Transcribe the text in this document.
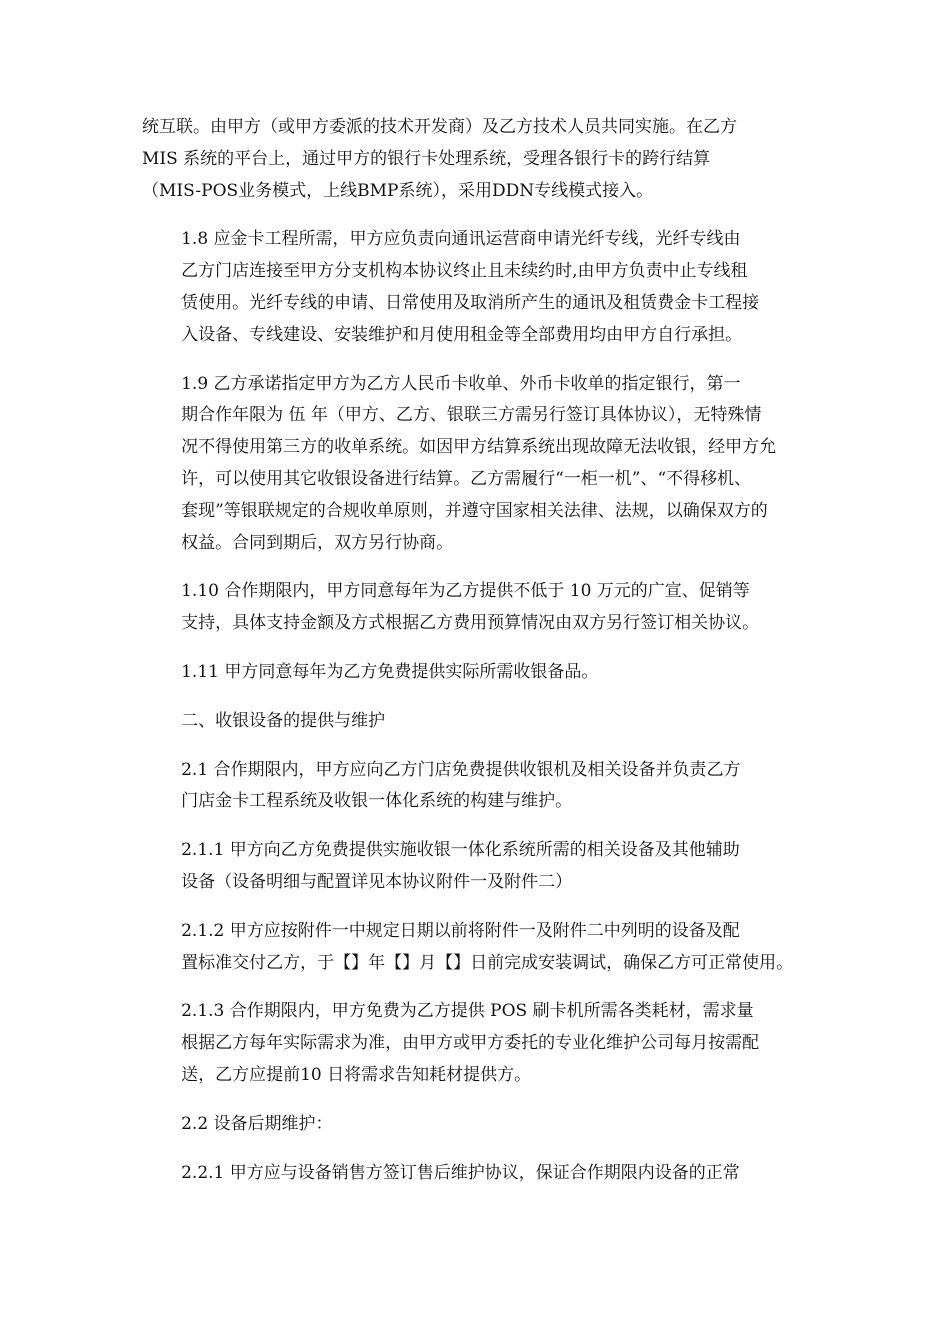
统互联。由甲方（或甲方委派的技术开发商）及乙方技术人员共同实施。在乙方
MIS 系统的平台上，通过甲方的银行卡处理系统，受理各银行卡的跨行结算
（MIS-POS业务模式，上线BMP系统），采用DDN专线模式接入。
1.8 应金卡工程所需，甲方应负责向通讯运营商申请光纤专线，光纤专线由
乙方门店连接至甲方分支机构本协议终止且未续约时,由甲方负责中止专线租
赁使用。光纤专线的申请、日常使用及取消所产生的通讯及租赁费金卡工程接
入设备、专线建设、安装维护和月使用租金等全部费用均由甲方自行承担。
1.9 乙方承诺指定甲方为乙方人民币卡收单、外币卡收单的指定银行，第一
期合作年限为 伍 年（甲方、乙方、银联三方需另行签订具体协议），无特殊情
况不得使用第三方的收单系统。如因甲方结算系统出现故障无法收银，经甲方允
许，可以使用其它收银设备进行结算。乙方需履行“一柜一机”、“不得移机、
套现”等银联规定的合规收单原则，并遵守国家相关法律、法规，以确保双方的
权益。合同到期后，双方另行协商。
1.10 合作期限内，甲方同意每年为乙方提供不低于 10 万元的广宣、促销等
支持，具体支持金额及方式根据乙方费用预算情况由双方另行签订相关协议。
1.11 甲方同意每年为乙方免费提供实际所需收银备品。
二、收银设备的提供与维护
2.1 合作期限内，甲方应向乙方门店免费提供收银机及相关设备并负责乙方
门店金卡工程系统及收银一体化系统的构建与维护。
2.1.1 甲方向乙方免费提供实施收银一体化系统所需的相关设备及其他辅助
设备（设备明细与配置详见本协议附件一及附件二）
2.1.2 甲方应按附件一中规定日期以前将附件一及附件二中列明的设备及配
置标准交付乙方，于【】年【】月【】日前完成安装调试，确保乙方可正常使用。
2.1.3 合作期限内，甲方免费为乙方提供 POS 刷卡机所需各类耗材，需求量
根据乙方每年实际需求为准，由甲方或甲方委托的专业化维护公司每月按需配
送，乙方应提前10 日将需求告知耗材提供方。
2.2 设备后期维护：
2.2.1 甲方应与设备销售方签订售后维护协议，保证合作期限内设备的正常
